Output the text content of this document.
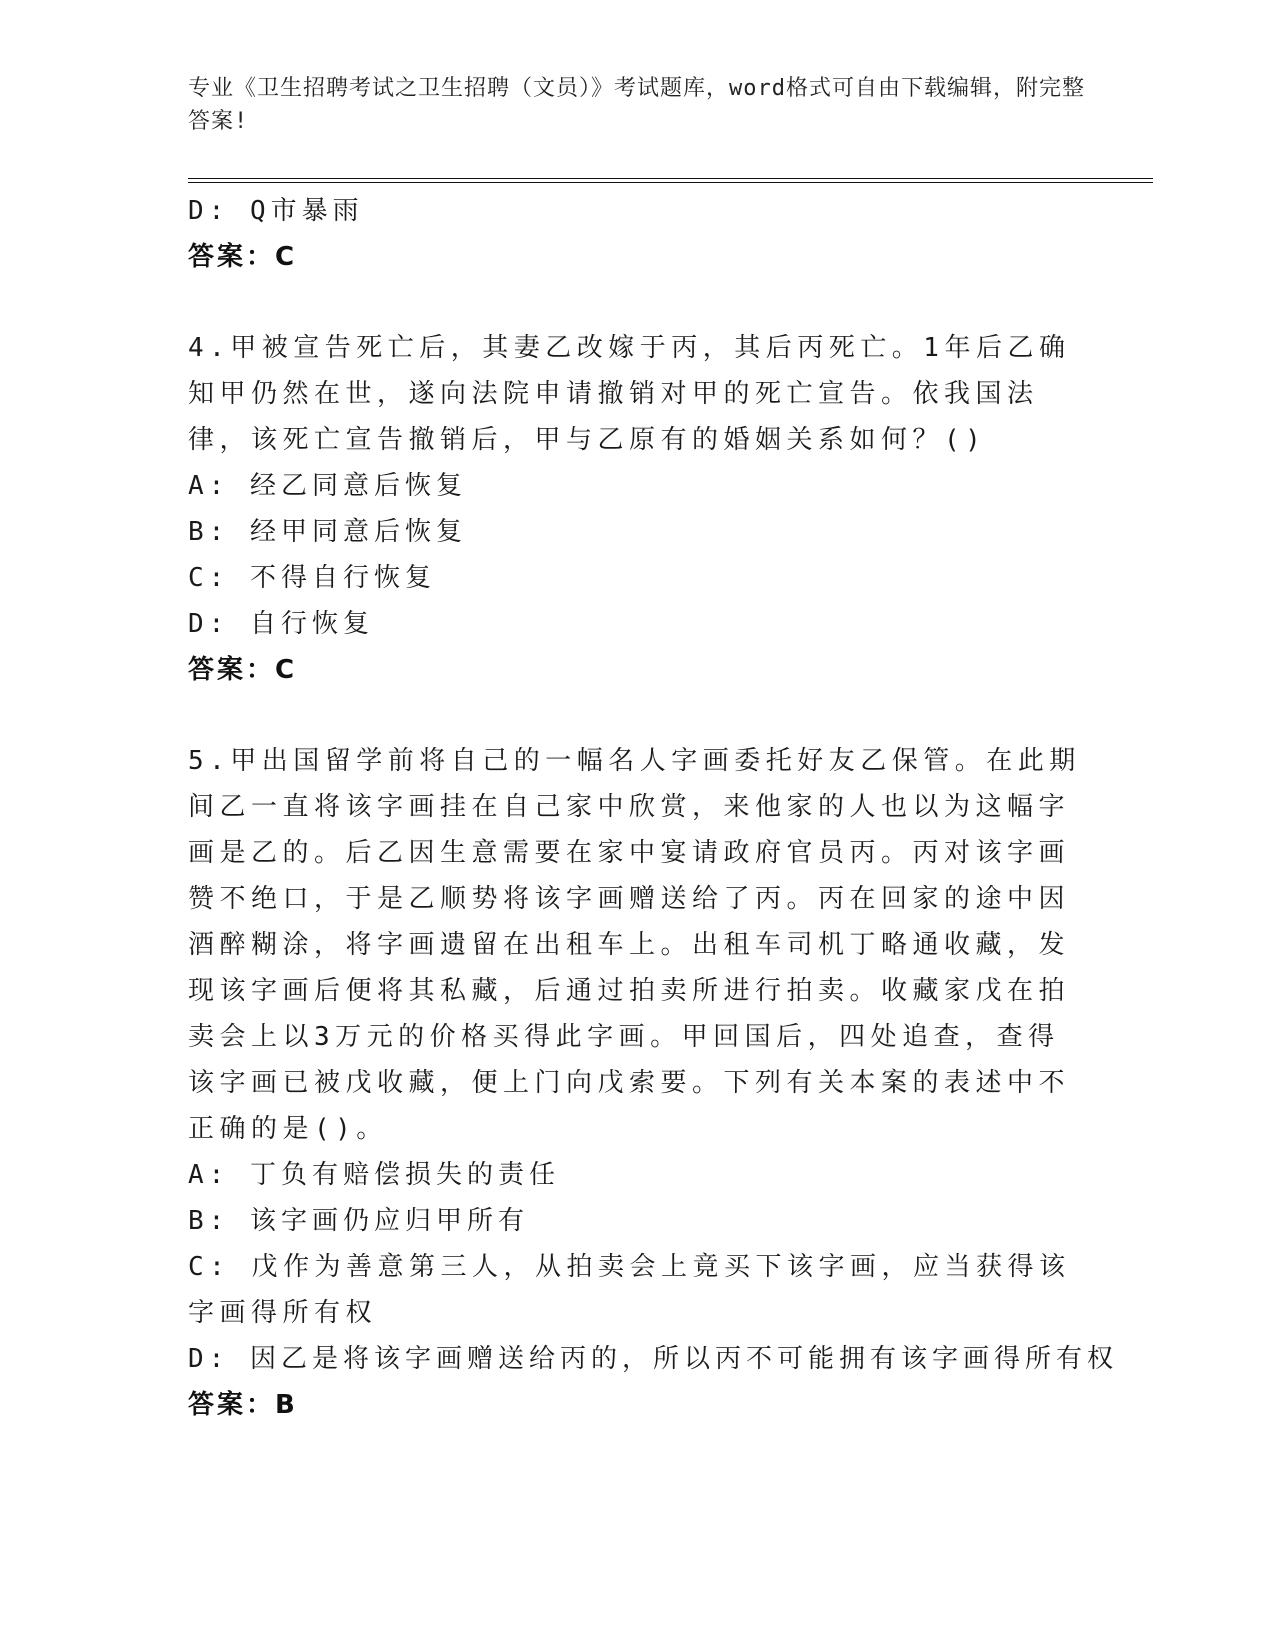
专业《卫生招聘考试之卫生招聘（文员）》考试题库，word格式可自由下载编辑，附完整答案!
D: Q市暴雨
答案：C
4.甲被宣告死亡后，其妻乙改嫁于丙，其后丙死亡。1年后乙确知甲仍然在世，遂向法院申请撤销对甲的死亡宣告。依我国法律，该死亡宣告撤销后，甲与乙原有的婚姻关系如何？()
A: 经乙同意后恢复
B: 经甲同意后恢复
C: 不得自行恢复
D: 自行恢复
答案：C
5.甲出国留学前将自己的一幅名人字画委托好友乙保管。在此期间乙一直将该字画挂在自己家中欣赏，来他家的人也以为这幅字画是乙的。后乙因生意需要在家中宴请政府官员丙。丙对该字画赞不绝口，于是乙顺势将该字画赠送给了丙。丙在回家的途中因酒醉糊涂，将字画遗留在出租车上。出租车司机丁略通收藏，发现该字画后便将其私藏，后通过拍卖所进行拍卖。收藏家戊在拍卖会上以3万元的价格买得此字画。甲回国后，四处追查，查得该字画已被戊收藏，便上门向戊索要。下列有关本案的表述中不正确的是()。
A: 丁负有赔偿损失的责任
B: 该字画仍应归甲所有
C: 戊作为善意第三人，从拍卖会上竟买下该字画，应当获得该字画得所有权
D: 因乙是将该字画赠送给丙的，所以丙不可能拥有该字画得所有权
答案：B
